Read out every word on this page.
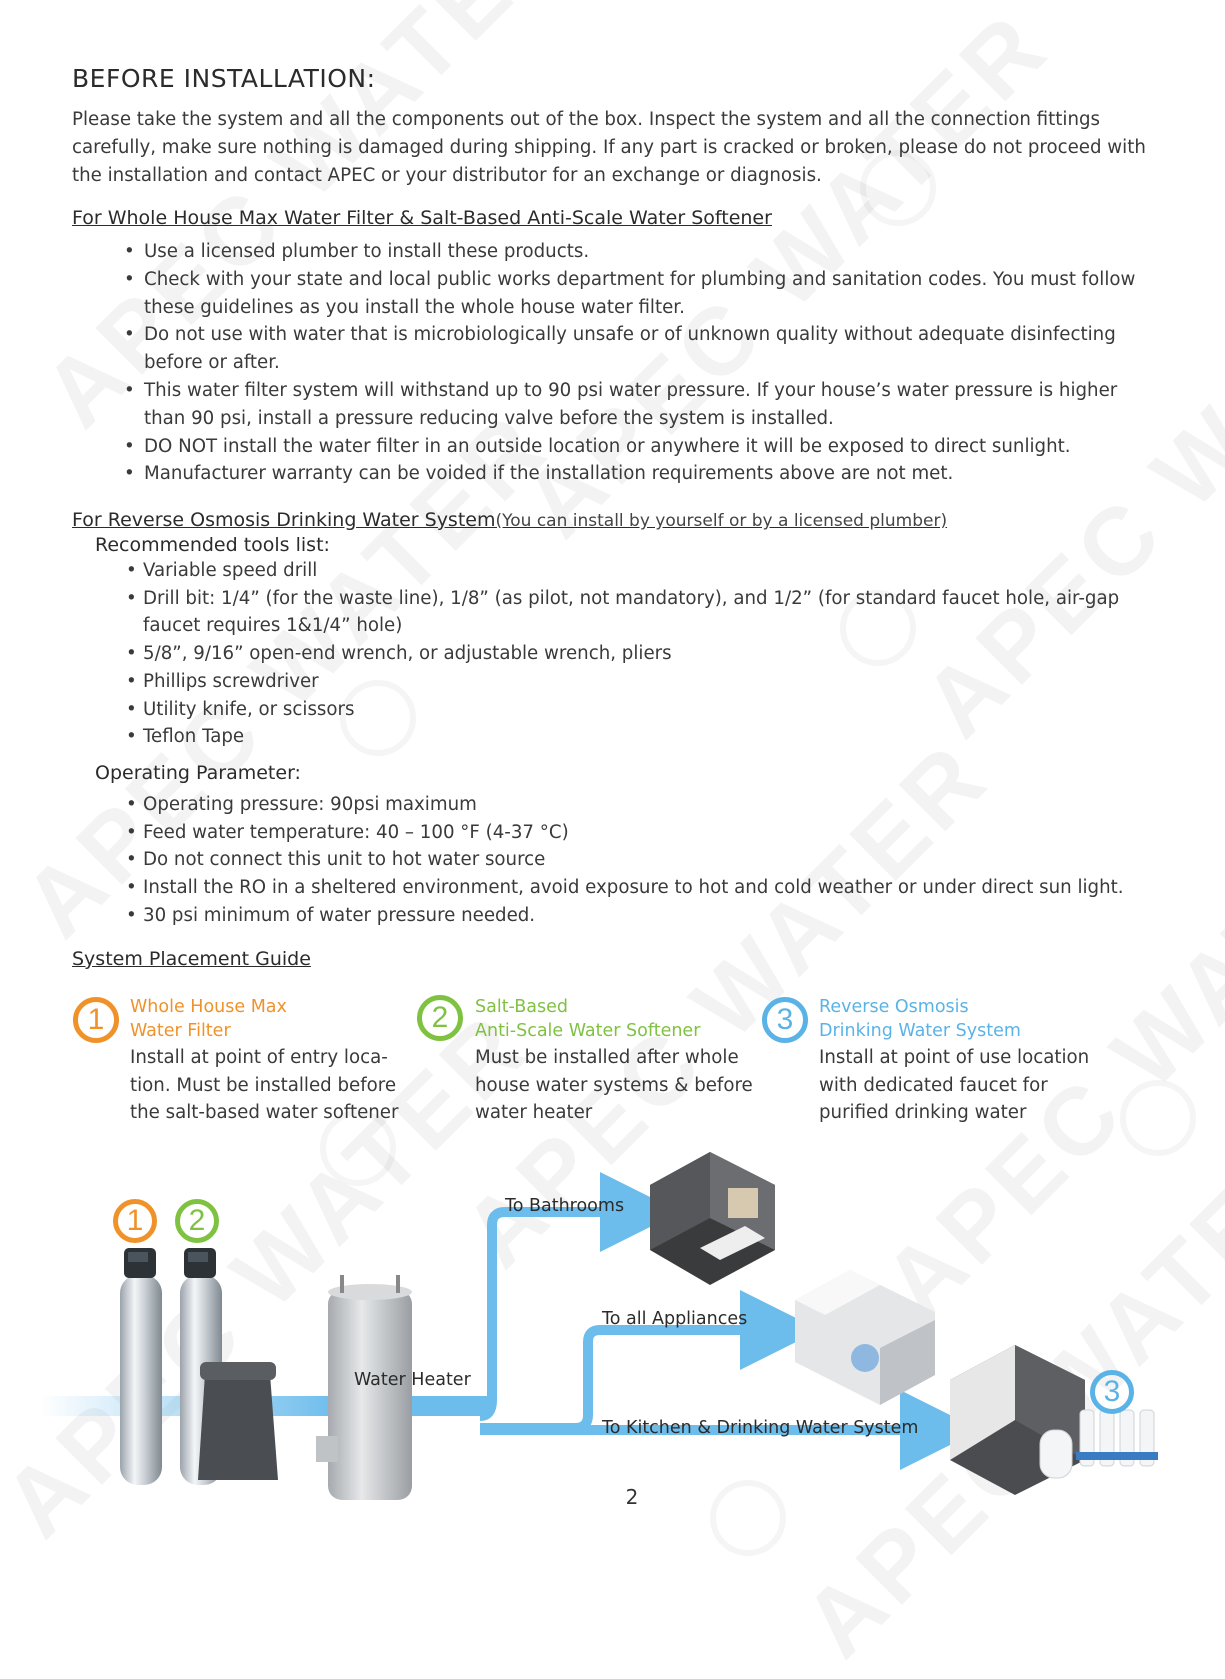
BEFORE INSTALLATION:
Please take the system and all the components out of the box. Inspect the system and all the connection fittings carefully, make sure nothing is damaged during shipping. If any part is cracked or broken, please do not proceed with the installation and contact APEC or your distributor for an exchange or diagnosis.
For Whole House Max Water Filter & Salt-Based Anti-Scale Water Softener
• Use a licensed plumber to install these products.
• Check with your state and local public works department for plumbing and sanitation codes. You must follow these guidelines as you install the whole house water filter.
• Do not use with water that is microbiologically unsafe or of unknown quality without adequate disinfecting before or after.
• This water filter system will withstand up to 90 psi water pressure. If your house’s water pressure is higher than 90 psi, install a pressure reducing valve before the system is installed.
• DO NOT install the water filter in an outside location or anywhere it will be exposed to direct sunlight.
• Manufacturer warranty can be voided if the installation requirements above are not met.
For Reverse Osmosis Drinking Water System(You can install by yourself or by a licensed plumber)
Recommended tools list:
• Variable speed drill
• Drill bit: 1/4” (for the waste line), 1/8” (as pilot, not mandatory), and 1/2” (for standard faucet hole, air-gap faucet requires 1&1/4” hole)
• 5/8”, 9/16” open-end wrench, or adjustable wrench, pliers
• Phillips screwdriver
• Utility knife, or scissors
• Teflon Tape
Operating Parameter:
• Operating pressure: 90psi maximum
• Feed water temperature: 40 – 100 °F (4-37 °C)
• Do not connect this unit to hot water source
• Install the RO in a sheltered environment, avoid exposure to hot and cold weather or under direct sun light.
• 30 psi minimum of water pressure needed.
System Placement Guide
1	Whole House Max
Water Filter
Install at point of entry loca-
tion. Must be installed before
the salt-based water softener
2	Salt-Based
Anti-Scale Water Softener
Must be installed after whole
house water systems & before
water heater
3	Reverse Osmosis
Drinking Water System
Install at point of use location
with dedicated faucet for
purified drinking water
1	2
3
Water Heater
To Bathrooms
To all Appliances
To Kitchen & Drinking Water System
2
